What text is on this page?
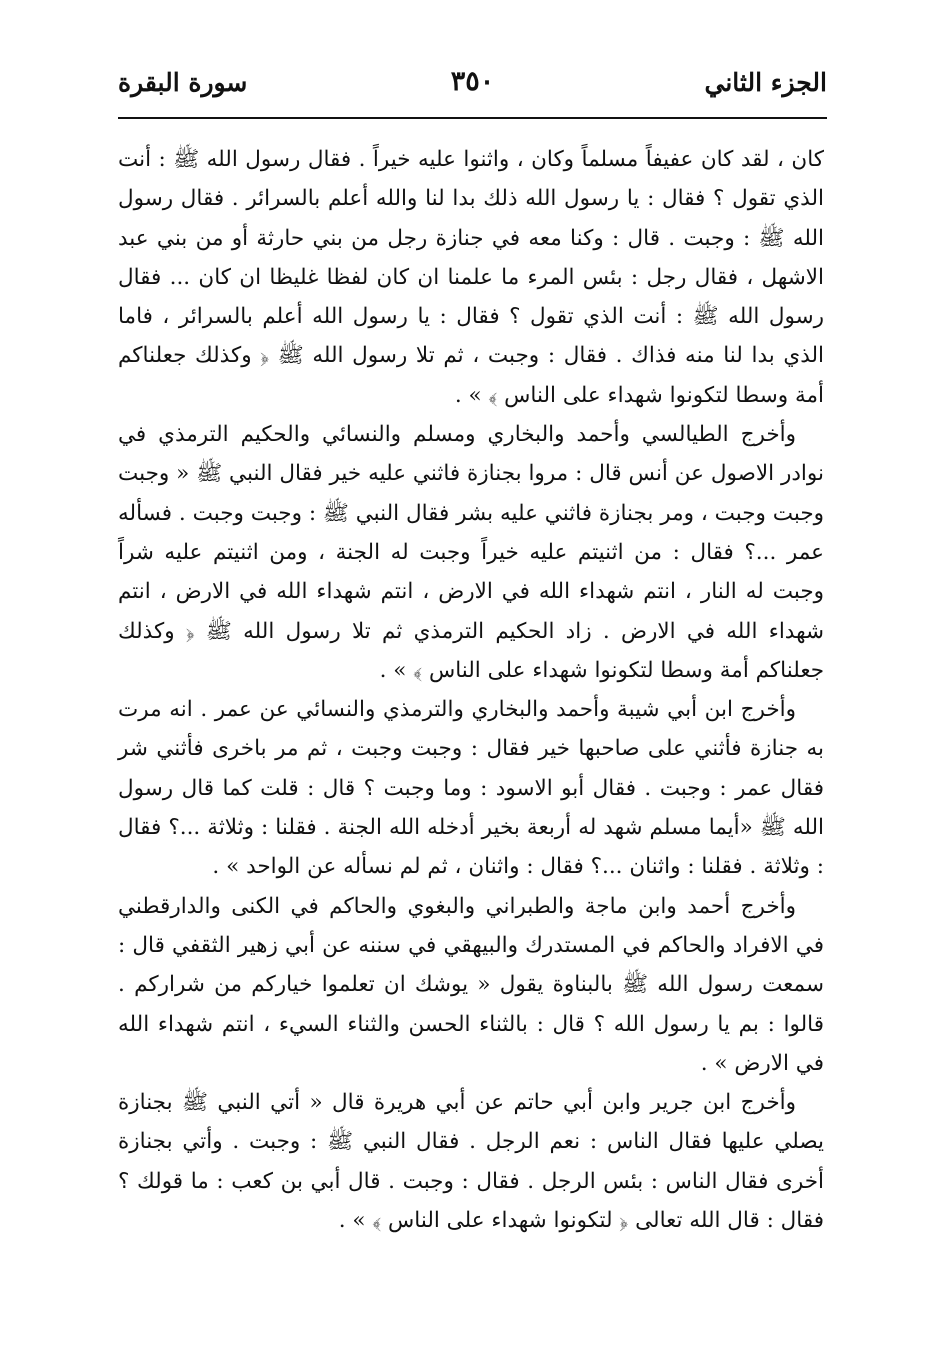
الجزء الثاني
٣٥٠
سورة البقرة

كان ، لقد كان عفيفاً مسلماً وكان ، واثنوا عليه خيراً . فقال رسول الله ﷺ : أنت الذي تقول ؟ فقال : يا رسول الله ذلك بدا لنا والله أعلم بالسرائر . فقال رسول الله ﷺ : وجبت . قال : وكنا معه في جنازة رجل من بني حارثة أو من بني عبد الاشهل ، فقال رجل : بئس المرء ما علمنا ان كان لفظا غليظا ان كان ... فقال رسول الله ﷺ : أنت الذي تقول ؟ فقال : يا رسول الله أعلم بالسرائر ، فاما الذي بدا لنا منه فذاك . فقال : وجبت ، ثم تلا رسول الله ﷺ ﴿ وكذلك جعلناكم أمة وسطا لتكونوا شهداء على الناس ﴾ » .

وأخرج الطيالسي وأحمد والبخاري ومسلم والنسائي والحكيم الترمذي في نوادر الاصول عن أنس قال : مروا بجنازة فاثني عليه خير فقال النبي ﷺ « وجبت وجبت وجبت ، ومر بجنازة فاثني عليه بشر فقال النبي ﷺ : وجبت وجبت . فسأله عمر ...؟ فقال : من اثنيتم عليه خيراً وجبت له الجنة ، ومن اثنيتم عليه شراً وجبت له النار ، انتم شهداء الله في الارض ، انتم شهداء الله في الارض ، انتم شهداء الله في الارض . زاد الحكيم الترمذي ثم تلا رسول الله ﷺ ﴿ وكذلك جعلناكم أمة وسطا لتكونوا شهداء على الناس ﴾ » .

وأخرج ابن أبي شيبة وأحمد والبخاري والترمذي والنسائي عن عمر . انه مرت به جنازة فأثني على صاحبها خير فقال : وجبت وجبت ، ثم مر باخرى فأثني شر فقال عمر : وجبت . فقال أبو الاسود : وما وجبت ؟ قال : قلت كما قال رسول الله ﷺ «أيما مسلم شهد له أربعة بخير أدخله الله الجنة . فقلنا : وثلاثة ...؟ فقال : وثلاثة . فقلنا : واثنان ...؟ فقال : واثنان ، ثم لم نسأله عن الواحد » .

وأخرج أحمد وابن ماجة والطبراني والبغوي والحاكم في الكنى والدارقطني في الافراد والحاكم في المستدرك والبيهقي في سننه عن أبي زهير الثقفي قال : سمعت رسول الله ﷺ بالبناوة يقول « يوشك ان تعلموا خياركم من شراركم . قالوا : بم يا رسول الله ؟ قال : بالثناء الحسن والثناء السيء ، انتم شهداء الله في الارض » .

وأخرج ابن جرير وابن أبي حاتم عن أبي هريرة قال « أتي النبي ﷺ بجنازة يصلي عليها فقال الناس : نعم الرجل . فقال النبي ﷺ : وجبت . وأتي بجنازة أخرى فقال الناس : بئس الرجل . فقال : وجبت . قال أبي بن كعب : ما قولك ؟ فقال : قال الله تعالى ﴿ لتكونوا شهداء على الناس ﴾ » .
